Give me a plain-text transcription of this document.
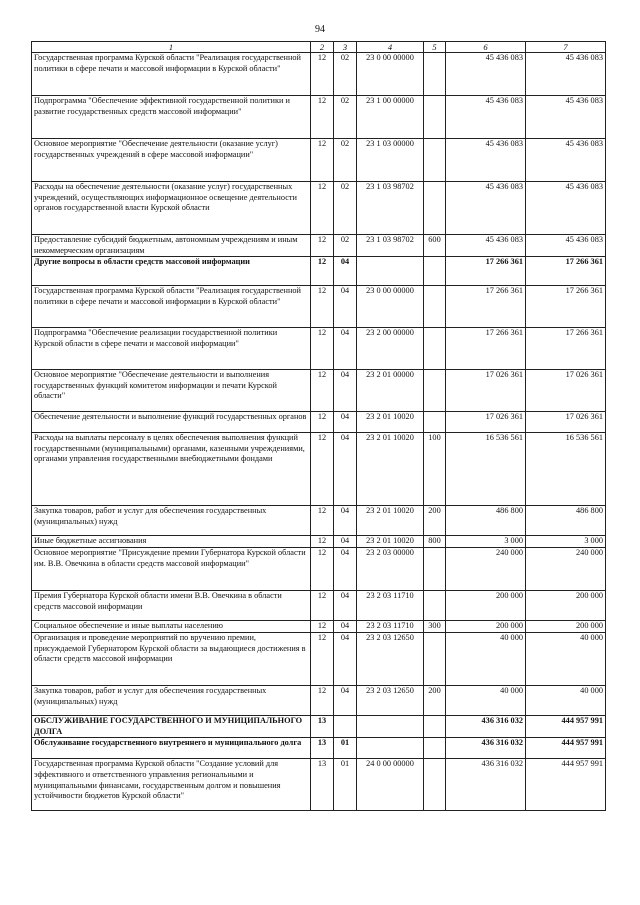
94
1	2	3	4	5	6	7
Государственная программа Курской области "Реализация государственной политики в сфере печати и массовой информации в Курской области"	12	02	23 0 00 00000		45 436 083	45 436 083
Подпрограмма "Обеспечение эффективной государственной политики и развитие государственных средств массовой информации"	12	02	23 1 00 00000		45 436 083	45 436 083
Основное мероприятие "Обеспечение деятельности (оказание услуг) государственных учреждений в сфере массовой информации"	12	02	23 1 03 00000		45 436 083	45 436 083
Расходы на обеспечение деятельности (оказание услуг) государственных учреждений, осуществляющих информационное освещение деятельности органов государственной власти Курской области	12	02	23 1 03 98702		45 436 083	45 436 083
Предоставление субсидий бюджетным, автономным учреждениям и иным некоммерческим организациям	12	02	23 1 03 98702	600	45 436 083	45 436 083
Другие вопросы в области средств массовой информации	12	04			17 266 361	17 266 361
Государственная программа Курской области "Реализация государственной политики в сфере печати и массовой информации в Курской области"	12	04	23 0 00 00000		17 266 361	17 266 361
Подпрограмма "Обеспечение реализации государственной политики Курской области в сфере печати и массовой информации"	12	04	23 2 00 00000		17 266 361	17 266 361
Основное мероприятие "Обеспечение деятельности и выполнения государственных функций комитетом информации и печати Курской области"	12	04	23 2 01 00000		17 026 361	17 026 361
Обеспечение деятельности и выполнение функций государственных органов	12	04	23 2 01 10020		17 026 361	17 026 361
Расходы на выплаты персоналу в целях обеспечения выполнения функций государственными (муниципальными) органами, казенными учреждениями, органами управления государственными внебюджетными фондами	12	04	23 2 01 10020	100	16 536 561	16 536 561
Закупка товаров, работ и услуг для обеспечения государственных (муниципальных) нужд	12	04	23 2 01 10020	200	486 800	486 800
Иные бюджетные ассигнования	12	04	23 2 01 10020	800	3 000	3 000
Основное мероприятие "Присуждение премии Губернатора Курской области им. В.В. Овечкина в области средств массовой информации"	12	04	23 2 03 00000		240 000	240 000
Премия Губернатора Курской области имени В.В. Овечкина в области средств массовой информации	12	04	23 2 03 11710		200 000	200 000
Социальное обеспечение и иные выплаты населению	12	04	23 2 03 11710	300	200 000	200 000
Организация и проведение мероприятий по вручению премии, присуждаемой Губернатором Курской области за выдающиеся достижения в области средств массовой информации	12	04	23 2 03 12650		40 000	40 000
Закупка товаров, работ и услуг для обеспечения государственных (муниципальных) нужд	12	04	23 2 03 12650	200	40 000	40 000
ОБСЛУЖИВАНИЕ ГОСУДАРСТВЕННОГО И МУНИЦИПАЛЬНОГО ДОЛГА	13				436 316 032	444 957 991
Обслуживание государственного внутреннего и муниципального долга	13	01			436 316 032	444 957 991
Государственная программа Курской области "Создание условий для эффективного и ответственного управления региональными и муниципальными финансами, государственным долгом и повышения устойчивости бюджетов Курской области"	13	01	24 0 00 00000		436 316 032	444 957 991
